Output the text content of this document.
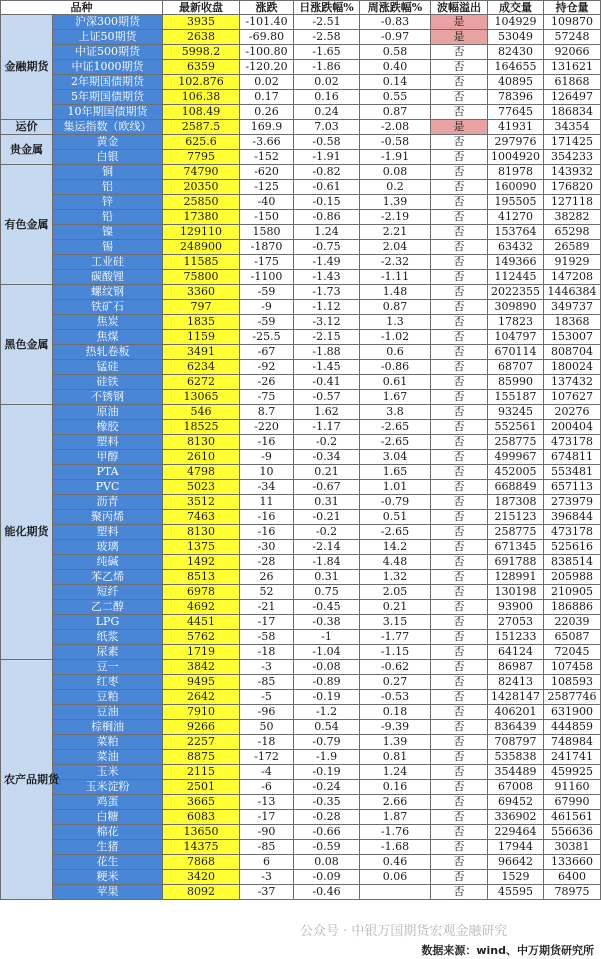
品种		最新收盘	涨跌	日涨跌幅%	周涨跌幅%	波幅溢出	成交量	持仓量
金融期货	沪深300期货	3935	-101.40	-2.51	-0.83	是	104929	109870
	上证50期货	2638	-69.80	-2.58	-0.97	是	53049	57248
	中证500期货	5998.2	-100.80	-1.65	0.58	否	82430	92066
	中证1000期货	6359	-120.20	-1.86	0.40	否	164655	131621
	2年期国债期货	102.876	0.02	0.02	0.14	否	40895	61868
	5年期国债期货	106.38	0.17	0.16	0.55	否	78396	126497
	10年期国债期货	108.49	0.26	0.24	0.87	否	77645	186834
运价	集运指数（欧线）	2587.5	169.9	7.03	-2.08	是	41931	34354
贵金属	黄金	625.6	-3.66	-0.58	-0.58	否	297976	171425
	白银	7795	-152	-1.91	-1.91	否	1004920	354233
有色金属	铜	74790	-620	-0.82	0.08	否	81978	143932
	铝	20350	-125	-0.61	0.2	否	160090	176820
	锌	25850	-40	-0.15	1.39	否	195505	127118
	铅	17380	-150	-0.86	-2.19	否	41270	38282
	镍	129110	1580	1.24	2.21	否	153764	65298
	锡	248900	-1870	-0.75	2.04	否	63432	26589
	工业硅	11585	-175	-1.49	-2.32	否	149366	91929
	碳酸锂	75800	-1100	-1.43	-1.11	否	112445	147208
黑色金属	螺纹钢	3360	-59	-1.73	1.48	否	2022355	1446384
	铁矿石	797	-9	-1.12	0.87	否	309890	349737
	焦炭	1835	-59	-3.12	1.3	否	17823	18368
	焦煤	1159	-25.5	-2.15	-1.02	否	104797	153007
	热轧卷板	3491	-67	-1.88	0.6	否	670114	808704
	锰硅	6234	-92	-1.45	-0.86	否	68707	180024
	硅铁	6272	-26	-0.41	0.61	否	85990	137432
	不锈钢	13065	-75	-0.57	1.67	否	155187	107627
能化期货	原油	546	8.7	1.62	3.8	否	93245	20276
	橡胶	18525	-220	-1.17	-2.65	否	552561	200404
	塑料	8130	-16	-0.2	-2.65	否	258775	473178
	甲醇	2610	-9	-0.34	3.04	否	499967	674811
	PTA	4798	10	0.21	1.65	否	452005	553481
	PVC	5023	-34	-0.67	1.01	否	668849	657113
	沥青	3512	11	0.31	-0.79	否	187308	273979
	聚丙烯	7463	-16	-0.21	0.51	否	215123	396844
	塑料	8130	-16	-0.2	-2.65	否	258775	473178
	玻璃	1375	-30	-2.14	14.2	否	671345	525616
	纯碱	1492	-28	-1.84	4.48	否	691788	838514
	苯乙烯	8513	26	0.31	1.32	否	128991	205988
	短纤	6978	52	0.75	2.05	否	130198	210905
	乙二醇	4692	-21	-0.45	0.21	否	93900	186886
	LPG	4451	-17	-0.38	3.15	否	27053	22039
	纸浆	5762	-58	-1	-1.77	否	151233	65087
	尿素	1719	-18	-1.04	-1.15	否	64124	72045
农产品期货	豆一	3842	-3	-0.08	-0.62	否	86987	107458
	红枣	9495	-85	-0.89	0.27	否	82413	108593
	豆粕	2642	-5	-0.19	-0.53	否	1428147	2587746
	豆油	7910	-96	-1.2	0.18	否	406201	631900
	棕榈油	9266	50	0.54	-9.39	否	836439	444859
	菜粕	2257	-18	-0.79	1.39	否	708797	748984
	菜油	8875	-172	-1.9	0.81	否	535838	241741
	玉米	2115	-4	-0.19	1.24	否	354489	459925
	玉米淀粉	2501	-6	-0.24	0.16	否	67008	91160
	鸡蛋	3665	-13	-0.35	2.66	否	69452	67990
	白糖	6083	-17	-0.28	1.87	否	336902	461561
	棉花	13650	-90	-0.66	-1.76	否	229464	556636
	生猪	14375	-85	-0.59	-1.68	否	17944	30381
	花生	7868	6	0.08	0.46	否	96642	133660
	粳米	3420	-3	-0.09	0.06	否	1529	6400
	苹果	8092	-37	-0.46		否	45595	78975
公众号 · 中银万国期货宏观金融研究
数据来源：wind、中万期货研究所
